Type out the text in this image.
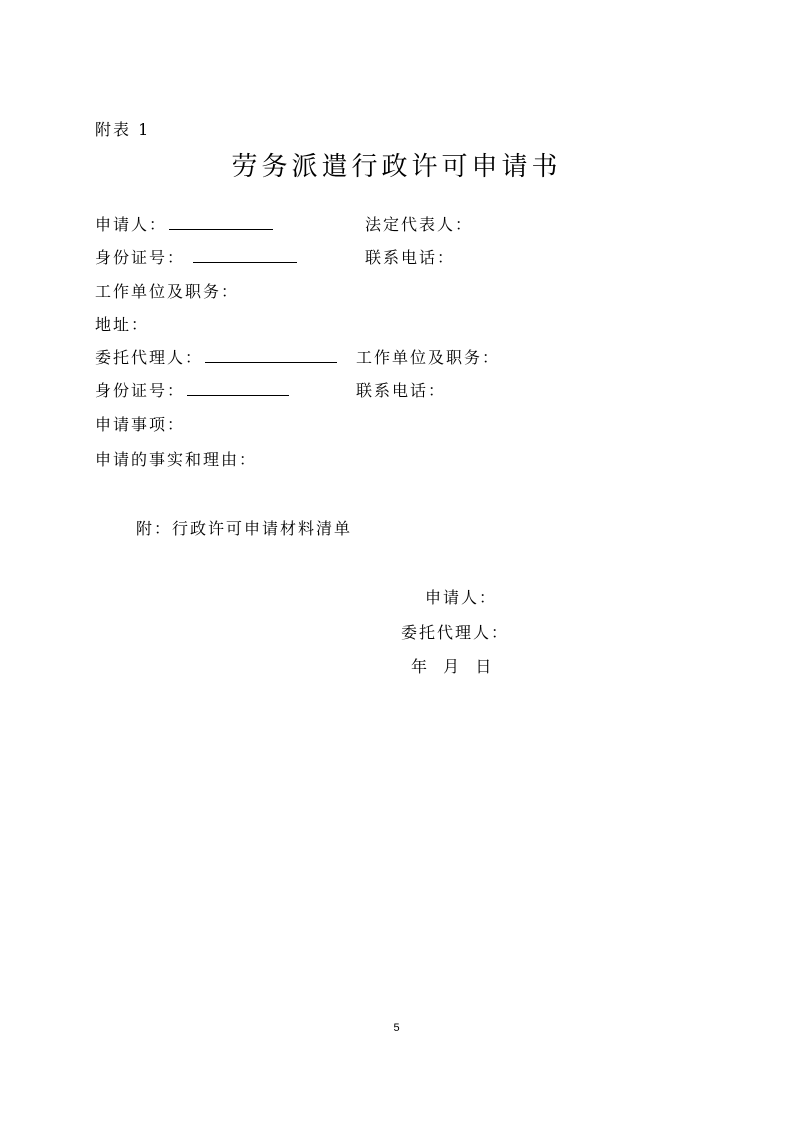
附表 1
劳务派遣行政许可申请书
申请人：	法定代表人：
身份证号：	联系电话：
工作单位及职务：
地址：
委托代理人：	工作单位及职务：
身份证号：	联系电话：
申请事项：
申请的事实和理由：
附：行政许可申请材料清单
申请人：
委托代理人：
年  月  日
5
